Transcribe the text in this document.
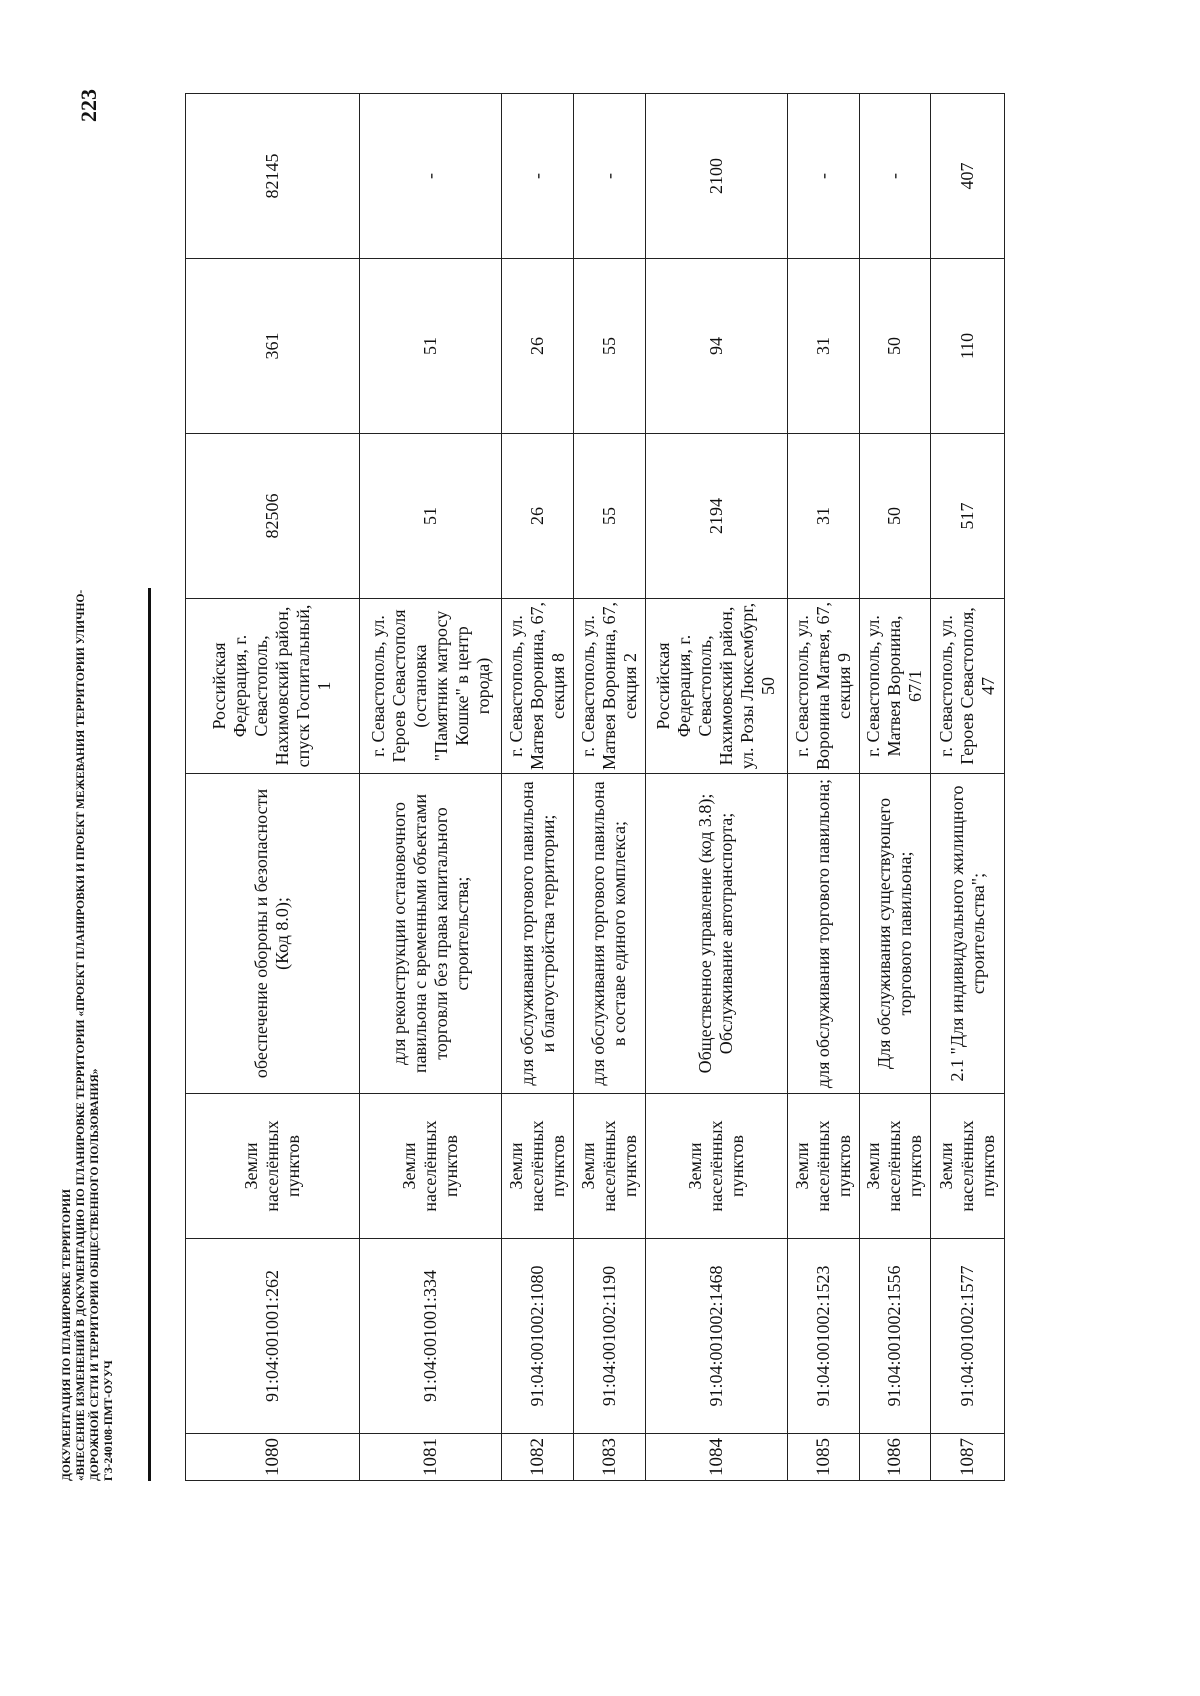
223
ДОКУМЕНТАЦИЯ ПО ПЛАНИРОВКЕ ТЕРРИТОРИИ «ВНЕСЕНИЕ ИЗМЕНЕНИЙ В ДОКУМЕНТАЦИЮ ПО ПЛАНИРОВКЕ ТЕРРИТОРИИ «ПРОЕКТ ПЛАНИРОВКИ И ПРОЕКТ МЕЖЕВАНИЯ ТЕРРИТОРИИ УЛИЧНО- ДОРОЖНОЙ СЕТИ И ТЕРРИТОРИИ ОБЩЕСТВЕННОГО ПОЛЬЗОВАНИЯ» ГЗ-240108-ПМТ-ОУУЧ	1080	91:04:001001:262	Земли населённых пунктов	обеспечение обороны и безопасности (Код 8.0);	Российская Федерация, г. Севастополь, Нахимовский район, спуск Госпитальный, 1	82506	361	82145
1081	91:04:001001:334	Земли населённых пунктов	для реконструкции остановочного павильона с временными объектами торговли без права капитального строительства;	г. Севастополь, ул. Героев Севастополя (остановка "Памятник матросу Кошке" в центр города)	51	51	-
1082	91:04:001002:1080	Земли населённых пунктов	для обслуживания торгового павильона и благоустройства территории;	г. Севастополь, ул. Матвея Воронина, 67, секция 8	26	26	-
1083	91:04:001002:1190	Земли населённых пунктов	для обслуживания торгового павильона в составе единого комплекса;	г. Севастополь, ул. Матвея Воронина, 67, секция 2	55	55	-
1084	91:04:001002:1468	Земли населённых пунктов	Общественное управление (код 3.8); Обслуживание автотранспорта;	Российская Федерация, г. Севастополь, Нахимовский район, ул. Розы Люксембург, 50	2194	94	2100
1085	91:04:001002:1523	Земли населённых пунктов	для обслуживания торгового павильона;	г. Севастополь, ул. Воронина Матвея, 67, секция 9	31	31	-
1086	91:04:001002:1556	Земли населённых пунктов	Для обслуживания существующего торгового павильона;	г. Севастополь, ул. Матвея Воронина, 67/1	50	50	-
1087	91:04:001002:1577	Земли населённых пунктов	2.1 "Для индивидуального жилищного строительства";	г. Севастополь, ул. Героев Севастополя, 47	517	110	407
